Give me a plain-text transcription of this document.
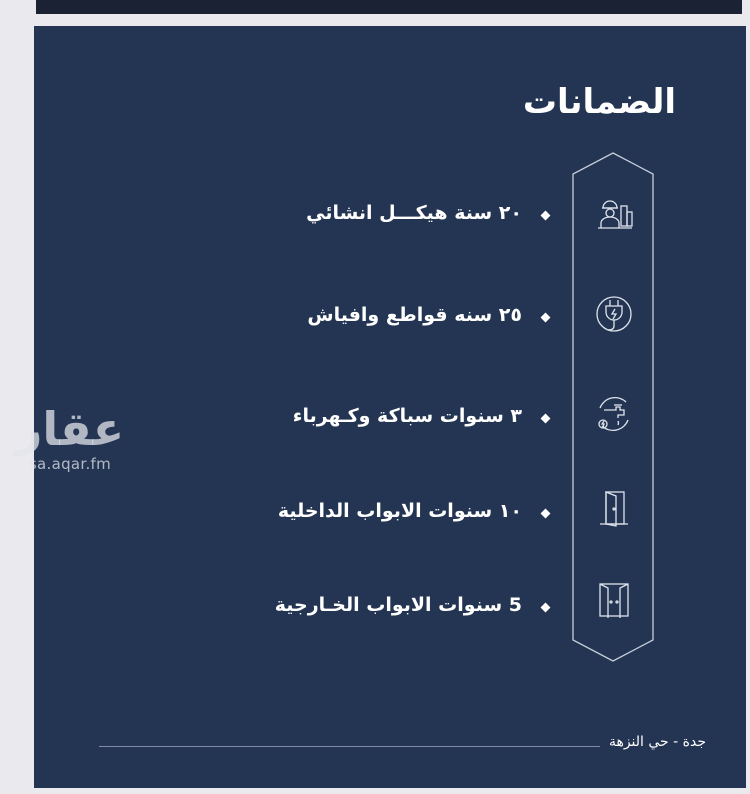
الضمانات
٢٠ سنة هيكـــل انشائي
٢٥ سنه قواطع وافياش
٣ سنوات سباكة وكـهرباء
١٠ سنوات الابواب الداخلية
5 سنوات الابواب الخـارجية
جدة - حي النزهة
عقار
sa.aqar.fm
